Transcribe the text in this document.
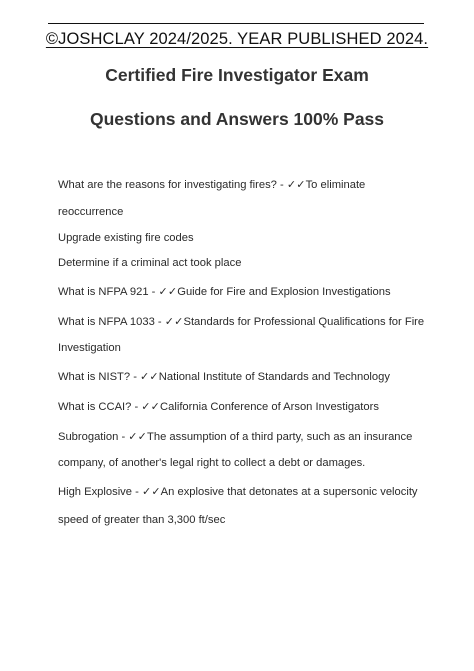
©JOSHCLAY 2024/2025. YEAR PUBLISHED 2024.
Certified Fire Investigator Exam
Questions and Answers 100% Pass
What are the reasons for investigating fires? - ✓✓To eliminate
reoccurrence
Upgrade existing fire codes
Determine if a criminal act took place
What is NFPA 921 - ✓✓Guide for Fire and Explosion Investigations
What is NFPA 1033 - ✓✓Standards for Professional Qualifications for Fire
Investigation
What is NIST? - ✓✓National Institute of Standards and Technology
What is CCAI? - ✓✓California Conference of Arson Investigators
Subrogation - ✓✓The assumption of a third party, such as an insurance
company, of another's legal right to collect a debt or damages.
High Explosive - ✓✓An explosive that detonates at a supersonic velocity
speed of greater than 3,300 ft/sec
